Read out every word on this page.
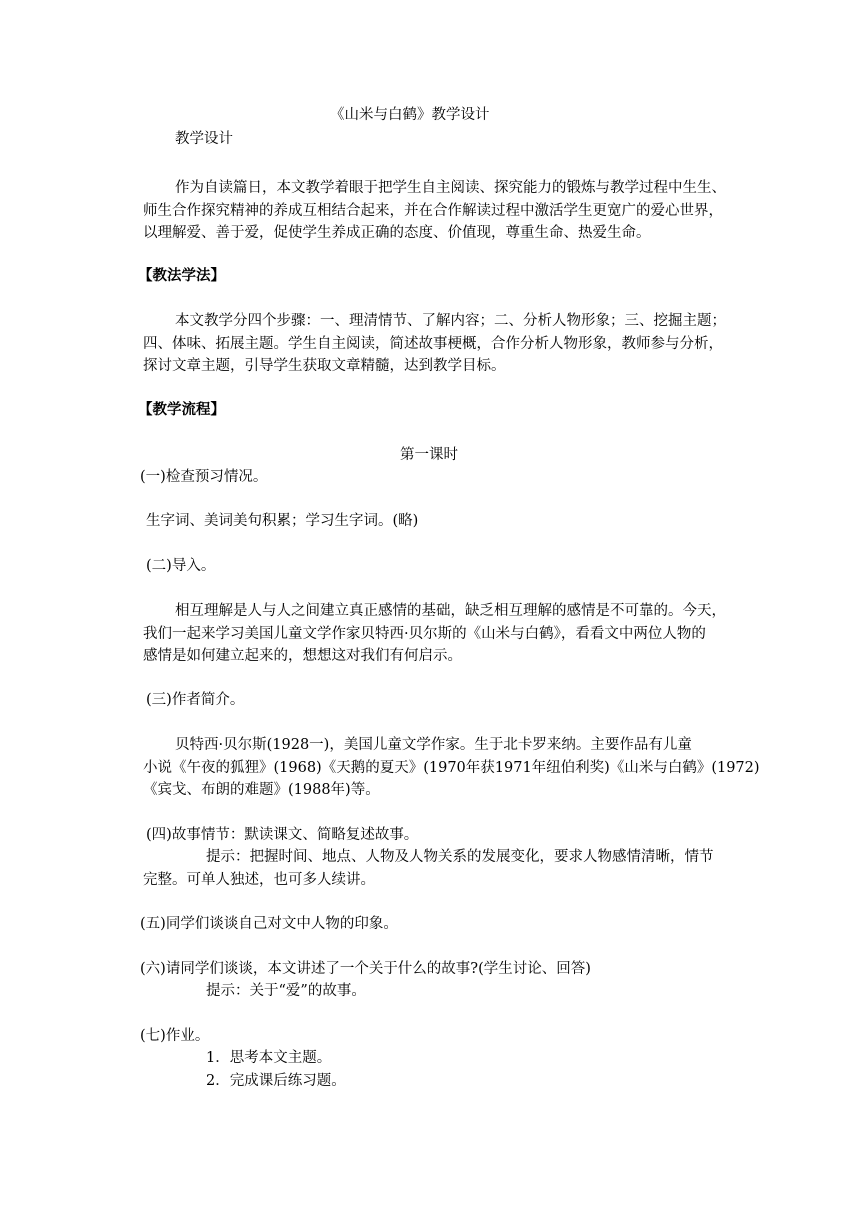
《山米与白鹤》教学设计
教学设计
作为自读篇日，本文教学着眼于把学生自主阅读、探究能力的锻炼与教学过程中生生、
师生合作探究精神的养成互相结合起来，并在合作解读过程中激活学生更宽广的爱心世界，
以理解爱、善于爱，促使学生养成正确的态度、价值现，尊重生命、热爱生命。
【教法学法】
本文教学分四个步骤：一、理清情节、了解内容；二、分析人物形象；三、挖掘主题；
四、体味、拓展主题。学生自主阅读，简述故事梗概，合作分析人物形象，教师参与分析，
探讨文章主题，引导学生获取文章精髓，达到教学目标。
【教学流程】
第一课时
(一)检查预习情况。
生字词、美词美句积累；学习生字词。(略)
(二)导入。
相互理解是人与人之间建立真正感情的基础，缺乏相互理解的感情是不可靠的。今天，
我们一起来学习美国儿童文学作家贝特西·贝尔斯的《山米与白鹤》，看看文中两位人物的
感情是如何建立起来的，想想这对我们有何启示。
(三)作者简介。
贝特西·贝尔斯(1928一)，美国儿童文学作家。生于北卡罗来纳。主要作品有儿童
小说《午夜的狐狸》(1968)《天鹅的夏天》(1970年获1971年纽伯利奖)《山米与白鹤》(1972)
《宾戈、布朗的难题》(1988年)等。
(四)故事情节：默读课文、简略复述故事。
提示：把握时间、地点、人物及人物关系的发展变化，要求人物感情清晰，情节
完整。可单人独述，也可多人续讲。
(五)同学们谈谈自己对文中人物的印象。
(六)请同学们谈谈，本文讲述了一个关于什么的故事?(学生讨论、回答)
提示：关于“爱”的故事。
(七)作业。
1．思考本文主题。
2．完成课后练习题。
